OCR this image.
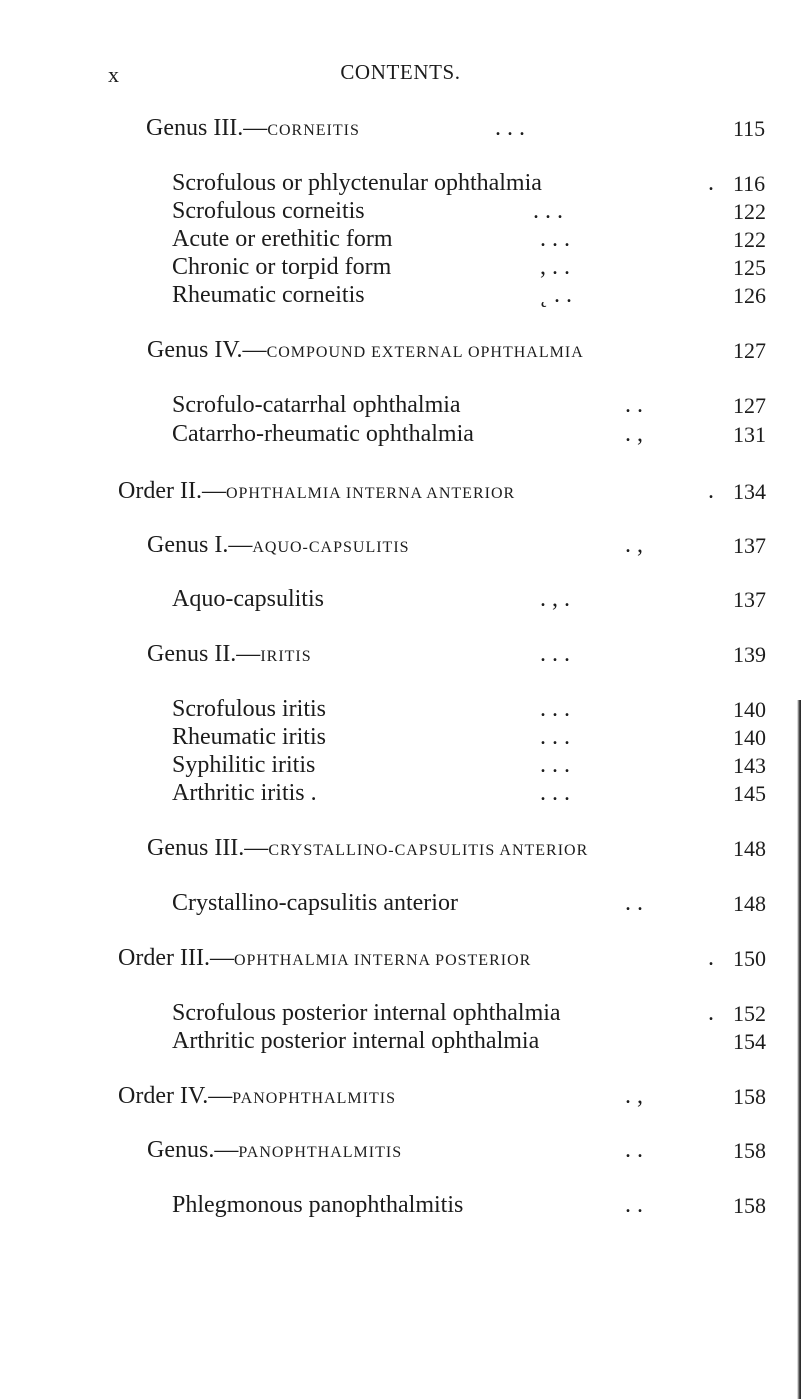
x	CONTENTS.
Genus III.—CORNEITIS	. . .	115
Scrofulous or phlyctenular ophthalmia	. 116
Scrofulous corneitis	. . .	122
Acute or erethitic form	. . .	122
Chronic or torpid form	, . .	125
Rheumatic corneitis	˛ . .	126
Genus IV.—COMPOUND EXTERNAL OPHTHALMIA	127
Scrofulo-catarrhal ophthalmia	. .	127
Catarrho-rheumatic ophthalmia	. ,	131
Order II.—OPHTHALMIA INTERNA ANTERIOR	. 134
Genus I.—AQUO-CAPSULITIS	. ,	137
Aquo-capsulitis	. , .	137
Genus II.—IRITIS	. . .	139
Scrofulous iritis	. . .	140
Rheumatic iritis	. . .	140
Syphilitic iritis	. . .	143
Arthritic iritis .	. . .	145
Genus III.—CRYSTALLINO-CAPSULITIS ANTERIOR	148
Crystallino-capsulitis anterior	. .	148
Order III.—OPHTHALMIA INTERNA POSTERIOR	. 150
Scrofulous posterior internal ophthalmia	. 152
Arthritic posterior internal ophthalmia	154
Order IV.—PANOPHTHALMITIS	. ,	158
Genus.—PANOPHTHALMITIS	. .	158
Phlegmonous panophthalmitis	. .	158
